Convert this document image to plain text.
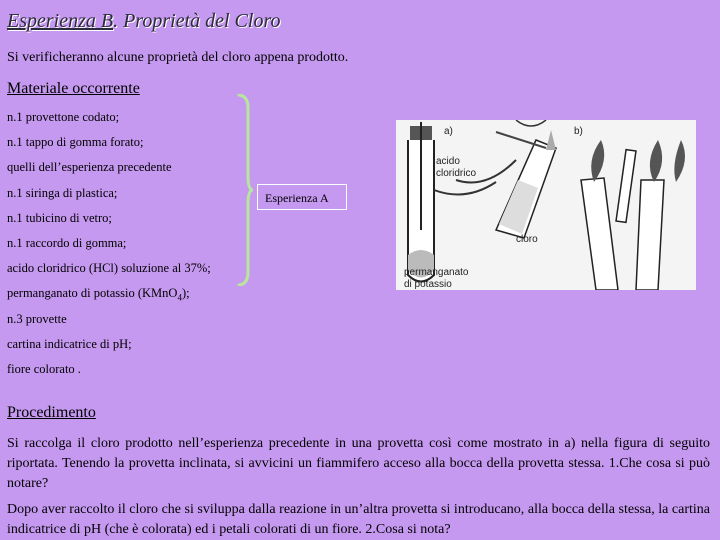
Esperienza B. Proprietà del Cloro
Si verificheranno alcune proprietà del cloro appena prodotto.
Materiale occorrente
n.1 provettone codato;
n.1 tappo di gomma forato;
quelli dell’esperienza precedente
n.1 siringa di plastica;
n.1 tubicino di vetro;
n.1 raccordo di gomma;
acido cloridrico (HCl) soluzione al 37%;
permanganato di potassio (KMnO$_4$);
n.3 provette
cartina indicatrice di pH;
fiore colorato .
Esperienza A
a)	b)
acido
cloridrico
cloro
permanganato
di potassio
Procedimento

Si raccolga il cloro prodotto nell’esperienza precedente in una provetta così come mostrato in a) nella figura di seguito riportata. Tenendo la provetta inclinata, si avvicini un fiammifero acceso alla bocca della provetta stessa. 1.Che cosa si può notare?

Dopo aver raccolto il cloro che si sviluppa dalla reazione in un’altra provetta si introducano, alla bocca della stessa, la cartina indicatrice di pH (che è colorata) ed i petali colorati di un fiore. 2.Cosa si nota?
